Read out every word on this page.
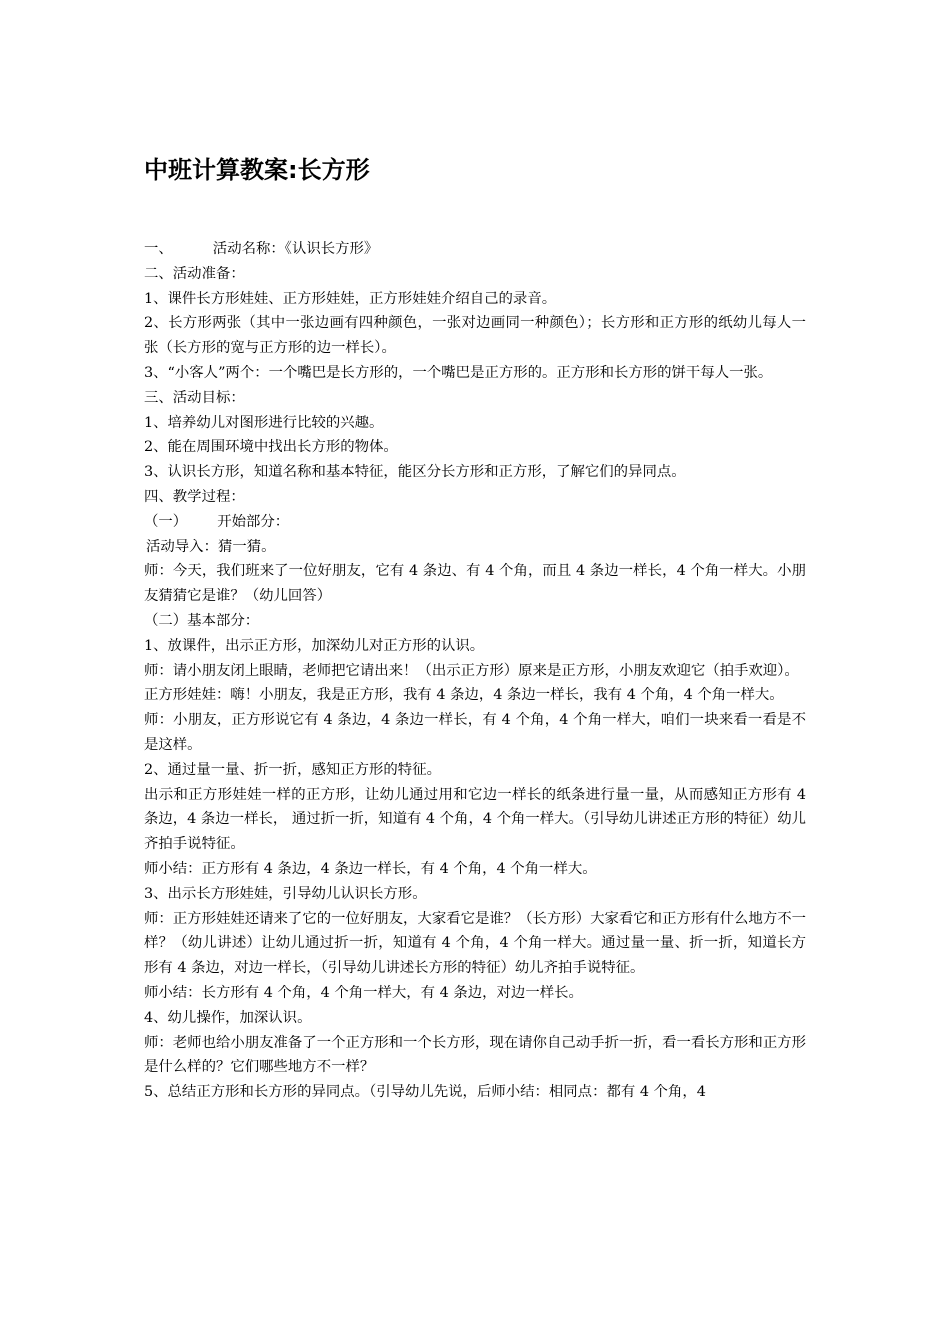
中班计算教案:长方形

一、	活动名称：《认识长方形》

二、活动准备：

1、课件长方形娃娃、正方形娃娃，正方形娃娃介绍自己的录音。

2、长方形两张（其中一张边画有四种颜色，一张对边画同一种颜色）；长方形和正方形的纸幼儿每人一张（长方形的宽与正方形的边一样长）。

3、“小客人”两个：一个嘴巴是长方形的，一个嘴巴是正方形的。正方形和长方形的饼干每人一张。

三、活动目标：

1、培养幼儿对图形进行比较的兴趣。

2、能在周围环境中找出长方形的物体。

3、认识长方形，知道名称和基本特征，能区分长方形和正方形，了解它们的异同点。

四、教学过程：

（一） 开始部分：

活动导入：猜一猜。

师：今天，我们班来了一位好朋友，它有 4 条边、有 4 个角，而且 4 条边一样长，4 个角一样大。小朋友猜猜它是谁？（幼儿回答）

（二）基本部分：

1、放课件，出示正方形，加深幼儿对正方形的认识。

师：请小朋友闭上眼睛，老师把它请出来！（出示正方形）原来是正方形，小朋友欢迎它（拍手欢迎）。

正方形娃娃：嗨！小朋友，我是正方形，我有 4 条边，4 条边一样长，我有 4 个角，4 个角一样大。

师：小朋友，正方形说它有 4 条边，4 条边一样长，有 4 个角，4 个角一样大，咱们一块来看一看是不是这样。

2、通过量一量、折一折，感知正方形的特征。

出示和正方形娃娃一样的正方形，让幼儿通过用和它边一样长的纸条进行量一量，从而感知正方形有 4 条边，4 条边一样长， 通过折一折，知道有 4 个角，4 个角一样大。（引导幼儿讲述正方形的特征）幼儿齐拍手说特征。

师小结：正方形有 4 条边，4 条边一样长，有 4 个角，4 个角一样大。

3、出示长方形娃娃，引导幼儿认识长方形。

师：正方形娃娃还请来了它的一位好朋友，大家看它是谁？（长方形）大家看它和正方形有什么地方不一样？（幼儿讲述）让幼儿通过折一折，知道有 4 个角，4 个角一样大。通过量一量、折一折，知道长方形有 4 条边，对边一样长，（引导幼儿讲述长方形的特征）幼儿齐拍手说特征。

师小结：长方形有 4 个角，4 个角一样大，有 4 条边，对边一样长。

4、幼儿操作，加深认识。

师：老师也给小朋友准备了一个正方形和一个长方形，现在请你自己动手折一折，看一看长方形和正方形是什么样的？它们哪些地方不一样？

5、总结正方形和长方形的异同点。（引导幼儿先说，后师小结：相同点：都有 4 个角，4
